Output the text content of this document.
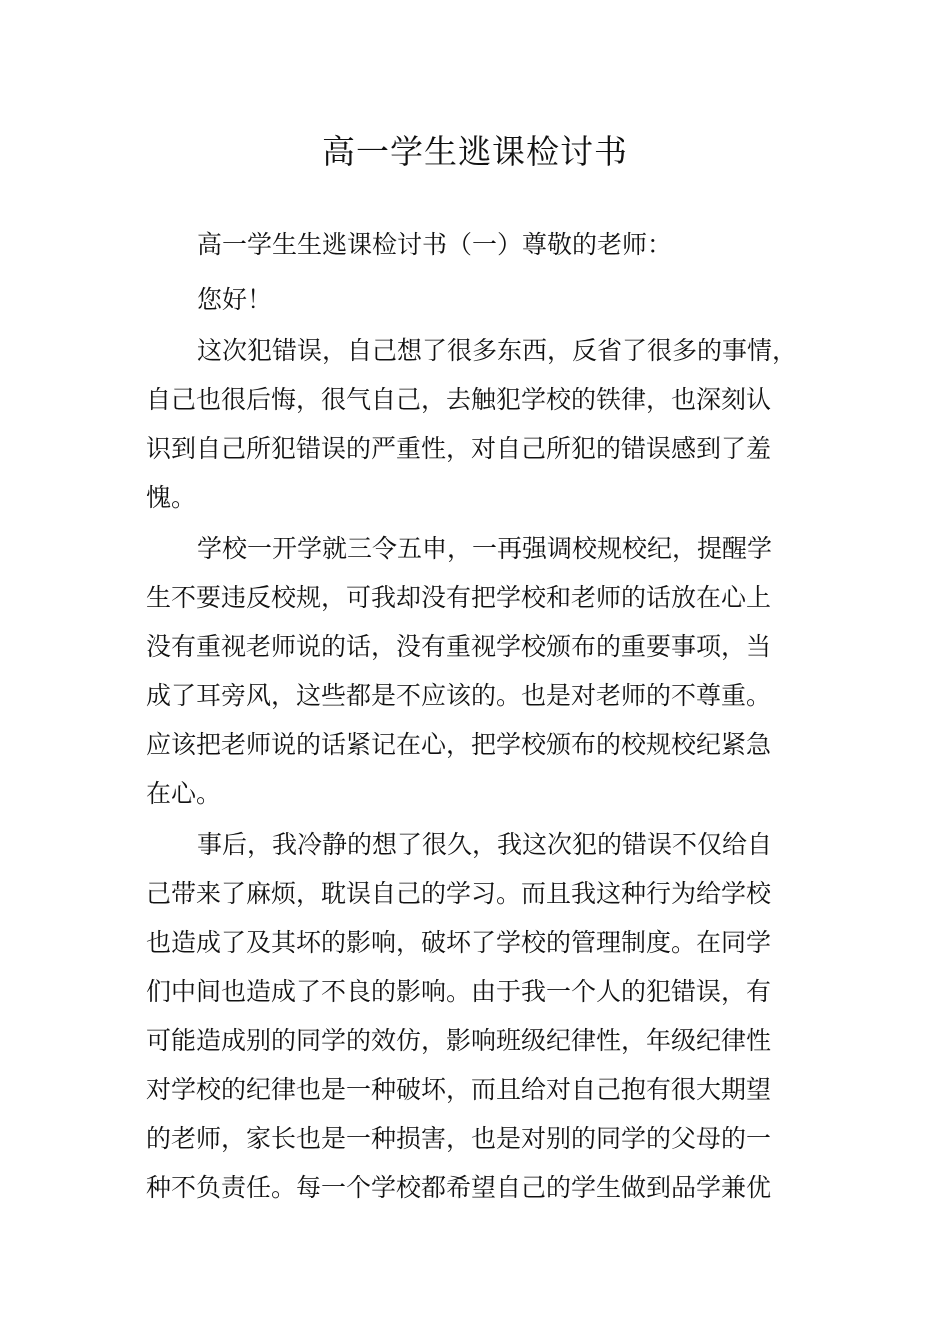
高一学生逃课检讨书

高一学生生逃课检讨书（一）尊敬的老师：

您好！

这次犯错误，自己想了很多东西，反省了很多的事情，

自己也很后悔，很气自己，去触犯学校的铁律，也深刻认

识到自己所犯错误的严重性，对自己所犯的错误感到了羞

愧。

学校一开学就三令五申，一再强调校规校纪，提醒学

生不要违反校规，可我却没有把学校和老师的话放在心上

没有重视老师说的话，没有重视学校颁布的重要事项，当

成了耳旁风，这些都是不应该的。也是对老师的不尊重。

应该把老师说的话紧记在心，把学校颁布的校规校纪紧急

在心。

事后，我冷静的想了很久，我这次犯的错误不仅给自

己带来了麻烦，耽误自己的学习。而且我这种行为给学校

也造成了及其坏的影响，破坏了学校的管理制度。在同学

们中间也造成了不良的影响。由于我一个人的犯错误，有

可能造成别的同学的效仿，影响班级纪律性，年级纪律性

对学校的纪律也是一种破坏，而且给对自己抱有很大期望

的老师，家长也是一种损害，也是对别的同学的父母的一

种不负责任。每一个学校都希望自己的学生做到品学兼优
